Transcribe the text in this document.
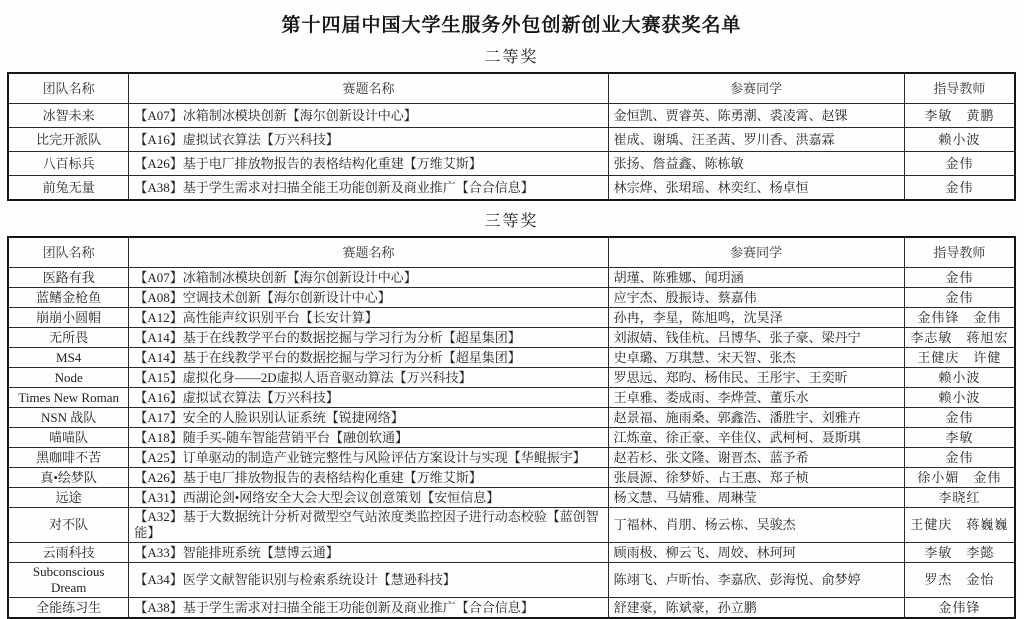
第十四届中国大学生服务外包创新创业大赛获奖名单
二等奖
团队名称	赛题名称	参赛同学	指导教师
冰智未来	【A07】冰箱制冰模块创新【海尔创新设计中心】	金恒凯、贾睿英、陈勇潮、裘凌霄、赵锞	李敏　黄鹏
比完开派队	【A16】虚拟试衣算法【万兴科技】	崔成、谢瑀、汪圣茜、罗川香、洪嘉霖	赖小波
八百标兵	【A26】基于电厂排放物报告的表格结构化重建【万维艾斯】	张扬、詹益鑫、陈栋敏	金伟
前兔无量	【A38】基于学生需求对扫描全能王功能创新及商业推广【合合信息】	林宗烨、张珺瑶、林奕红、杨卓恒	金伟
三等奖
团队名称	赛题名称	参赛同学	指导教师
医路有我	【A07】冰箱制冰模块创新【海尔创新设计中心】	胡瑾、陈雅娜、闻玥涵	金伟
蓝鳍金枪鱼	【A08】空调技术创新【海尔创新设计中心】	应宇杰、殷振诗、蔡嘉伟	金伟
崩崩小圆帽	【A12】高性能声纹识别平台【长安计算】	孙冉，李星，陈旭鸣，沈昊泽	金伟锋　金伟
无所畏	【A14】基于在线教学平台的数据挖掘与学习行为分析【超星集团】	刘淑婧、钱佳杭、吕博华、张子豪、梁丹宁	李志敏　蒋旭宏
MS4	【A14】基于在线教学平台的数据挖掘与学习行为分析【超星集团】	史卓璐、万琪慧、宋天智、张杰	王健庆　许健
Node	【A15】虚拟化身——2D虚拟人语音驱动算法【万兴科技】	罗思远、郑昀、杨伟民、王彤宇、王奕昕	赖小波
Times New Roman	【A16】虚拟试衣算法【万兴科技】	王卓雅、娄成雨、李烨萱、董乐水	赖小波
NSN 战队	【A17】安全的人脸识别认证系统【锐捷网络】	赵景福、施雨桑、郭鑫浩、潘胜宇、刘雅卉	金伟
喵喵队	【A18】随手买-随车智能营销平台【融创软通】	江炼童、徐正豪、辛佳仪、武柯柯、聂斯琪	李敏
黑咖啡不苦	【A25】订单驱动的制造产业链完整性与风险评估方案设计与实现【华鲲振宇】	赵若杉、张文隆、谢晋杰、蓝予希	金伟
真•绘梦队	【A26】基于电厂排放物报告的表格结构化重建【万维艾斯】	张晨源、徐梦娇、占王惠、郑子桢	徐小媚　金伟
远途	【A31】西湖论剑•网络安全大会大型会议创意策划【安恒信息】	杨文慧、马婧雅、周琳莹	李晓红
对不队	【A32】基于大数据统计分析对微型空气站浓度类监控因子进行动态校验【蓝创智能】	丁福林、肖朋、杨云栋、吴骏杰	王健庆　蒋巍巍
云雨科技	【A33】智能排班系统【慧博云通】	顾雨极、柳云飞、周姣、林珂珂	李敏　李懿
Subconscious Dream	【A34】医学文献智能识别与检索系统设计【慧逊科技】	陈翊飞、卢昕怡、李嘉欣、彭海悦、俞梦婷	罗杰　金怡
全能练习生	【A38】基于学生需求对扫描全能王功能创新及商业推广【合合信息】	舒建豪，陈斌豪，孙立鹏	金伟锋
